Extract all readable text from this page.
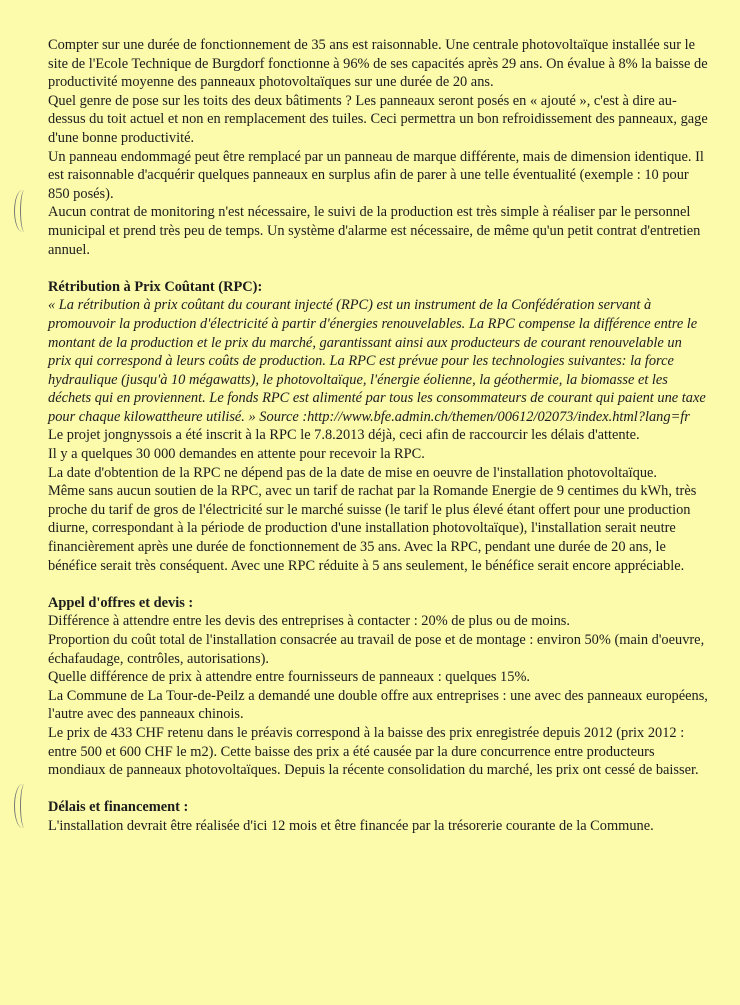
Compter sur une durée de fonctionnement de 35 ans est raisonnable. Une centrale photovoltaïque installée sur le site de l'Ecole Technique de Burgdorf fonctionne à 96% de ses capacités après 29 ans. On évalue à 8% la baisse de productivité moyenne des panneaux photovoltaïques sur une durée de 20 ans.

Quel genre de pose sur les toits des deux bâtiments ? Les panneaux seront posés en « ajouté », c'est à dire au-dessus du toit actuel et non en remplacement des tuiles. Ceci permettra un bon refroidissement des panneaux, gage d'une bonne productivité.

Un panneau endommagé peut être remplacé par un panneau de marque différente, mais de dimension identique. Il est raisonnable d'acquérir quelques panneaux en surplus afin de parer à une telle éventualité (exemple : 10 pour 850 posés).

Aucun contrat de monitoring n'est nécessaire, le suivi de la production est très simple à réaliser par le personnel municipal et prend très peu de temps. Un système d'alarme est nécessaire, de même qu'un petit contrat d'entretien annuel.

Rétribution à Prix Coûtant (RPC):

« La rétribution à prix coûtant du courant injecté (RPC) est un instrument de la Confédération servant à promouvoir la production d'électricité à partir d'énergies renouvelables. La RPC compense la différence entre le montant de la production et le prix du marché, garantissant ainsi aux producteurs de courant renouvelable un prix qui correspond à leurs coûts de production. La RPC est prévue pour les technologies suivantes: la force hydraulique (jusqu'à 10 mégawatts), le photovoltaïque, l'énergie éolienne, la géothermie, la biomasse et les déchets qui en proviennent. Le fonds RPC est alimenté par tous les consommateurs de courant qui paient une taxe pour chaque kilowattheure utilisé. » Source :http://www.bfe.admin.ch/themen/00612/02073/index.html?lang=fr

Le projet jongnyssois a été inscrit à la RPC le 7.8.2013 déjà, ceci afin de raccourcir les délais d'attente.

Il y a quelques 30 000 demandes en attente pour recevoir la RPC.

La date d'obtention de la RPC ne dépend pas de la date de mise en oeuvre de l'installation photovoltaïque.

Même sans aucun soutien de la RPC, avec un tarif de rachat par la Romande Energie de 9 centimes du kWh, très proche du tarif de gros de l'électricité sur le marché suisse (le tarif le plus élevé étant offert pour une production diurne, correspondant à la période de production d'une installation photovoltaïque), l'installation serait neutre financièrement après une durée de fonctionnement de 35 ans. Avec la RPC, pendant une durée de 20 ans, le bénéfice serait très conséquent. Avec une RPC réduite à 5 ans seulement, le bénéfice serait encore appréciable.

Appel d'offres et devis :

Différence à attendre entre les devis des entreprises à contacter : 20% de plus ou de moins.

Proportion du coût total de l'installation consacrée au travail de pose et de montage : environ 50% (main d'oeuvre, échafaudage, contrôles, autorisations).

Quelle différence de prix à attendre entre fournisseurs de panneaux : quelques 15%.

La Commune de La Tour-de-Peilz a demandé une double offre aux entreprises : une avec des panneaux européens, l'autre avec des panneaux chinois.

Le prix de 433 CHF retenu dans le préavis correspond à la baisse des prix enregistrée depuis 2012 (prix 2012 : entre 500 et 600 CHF le m2). Cette baisse des prix a été causée par la dure concurrence entre producteurs mondiaux de panneaux photovoltaïques. Depuis la récente consolidation du marché, les prix ont cessé de baisser.

Délais et financement :

L'installation devrait être réalisée d'ici 12 mois et être financée par la trésorerie courante de la Commune.
